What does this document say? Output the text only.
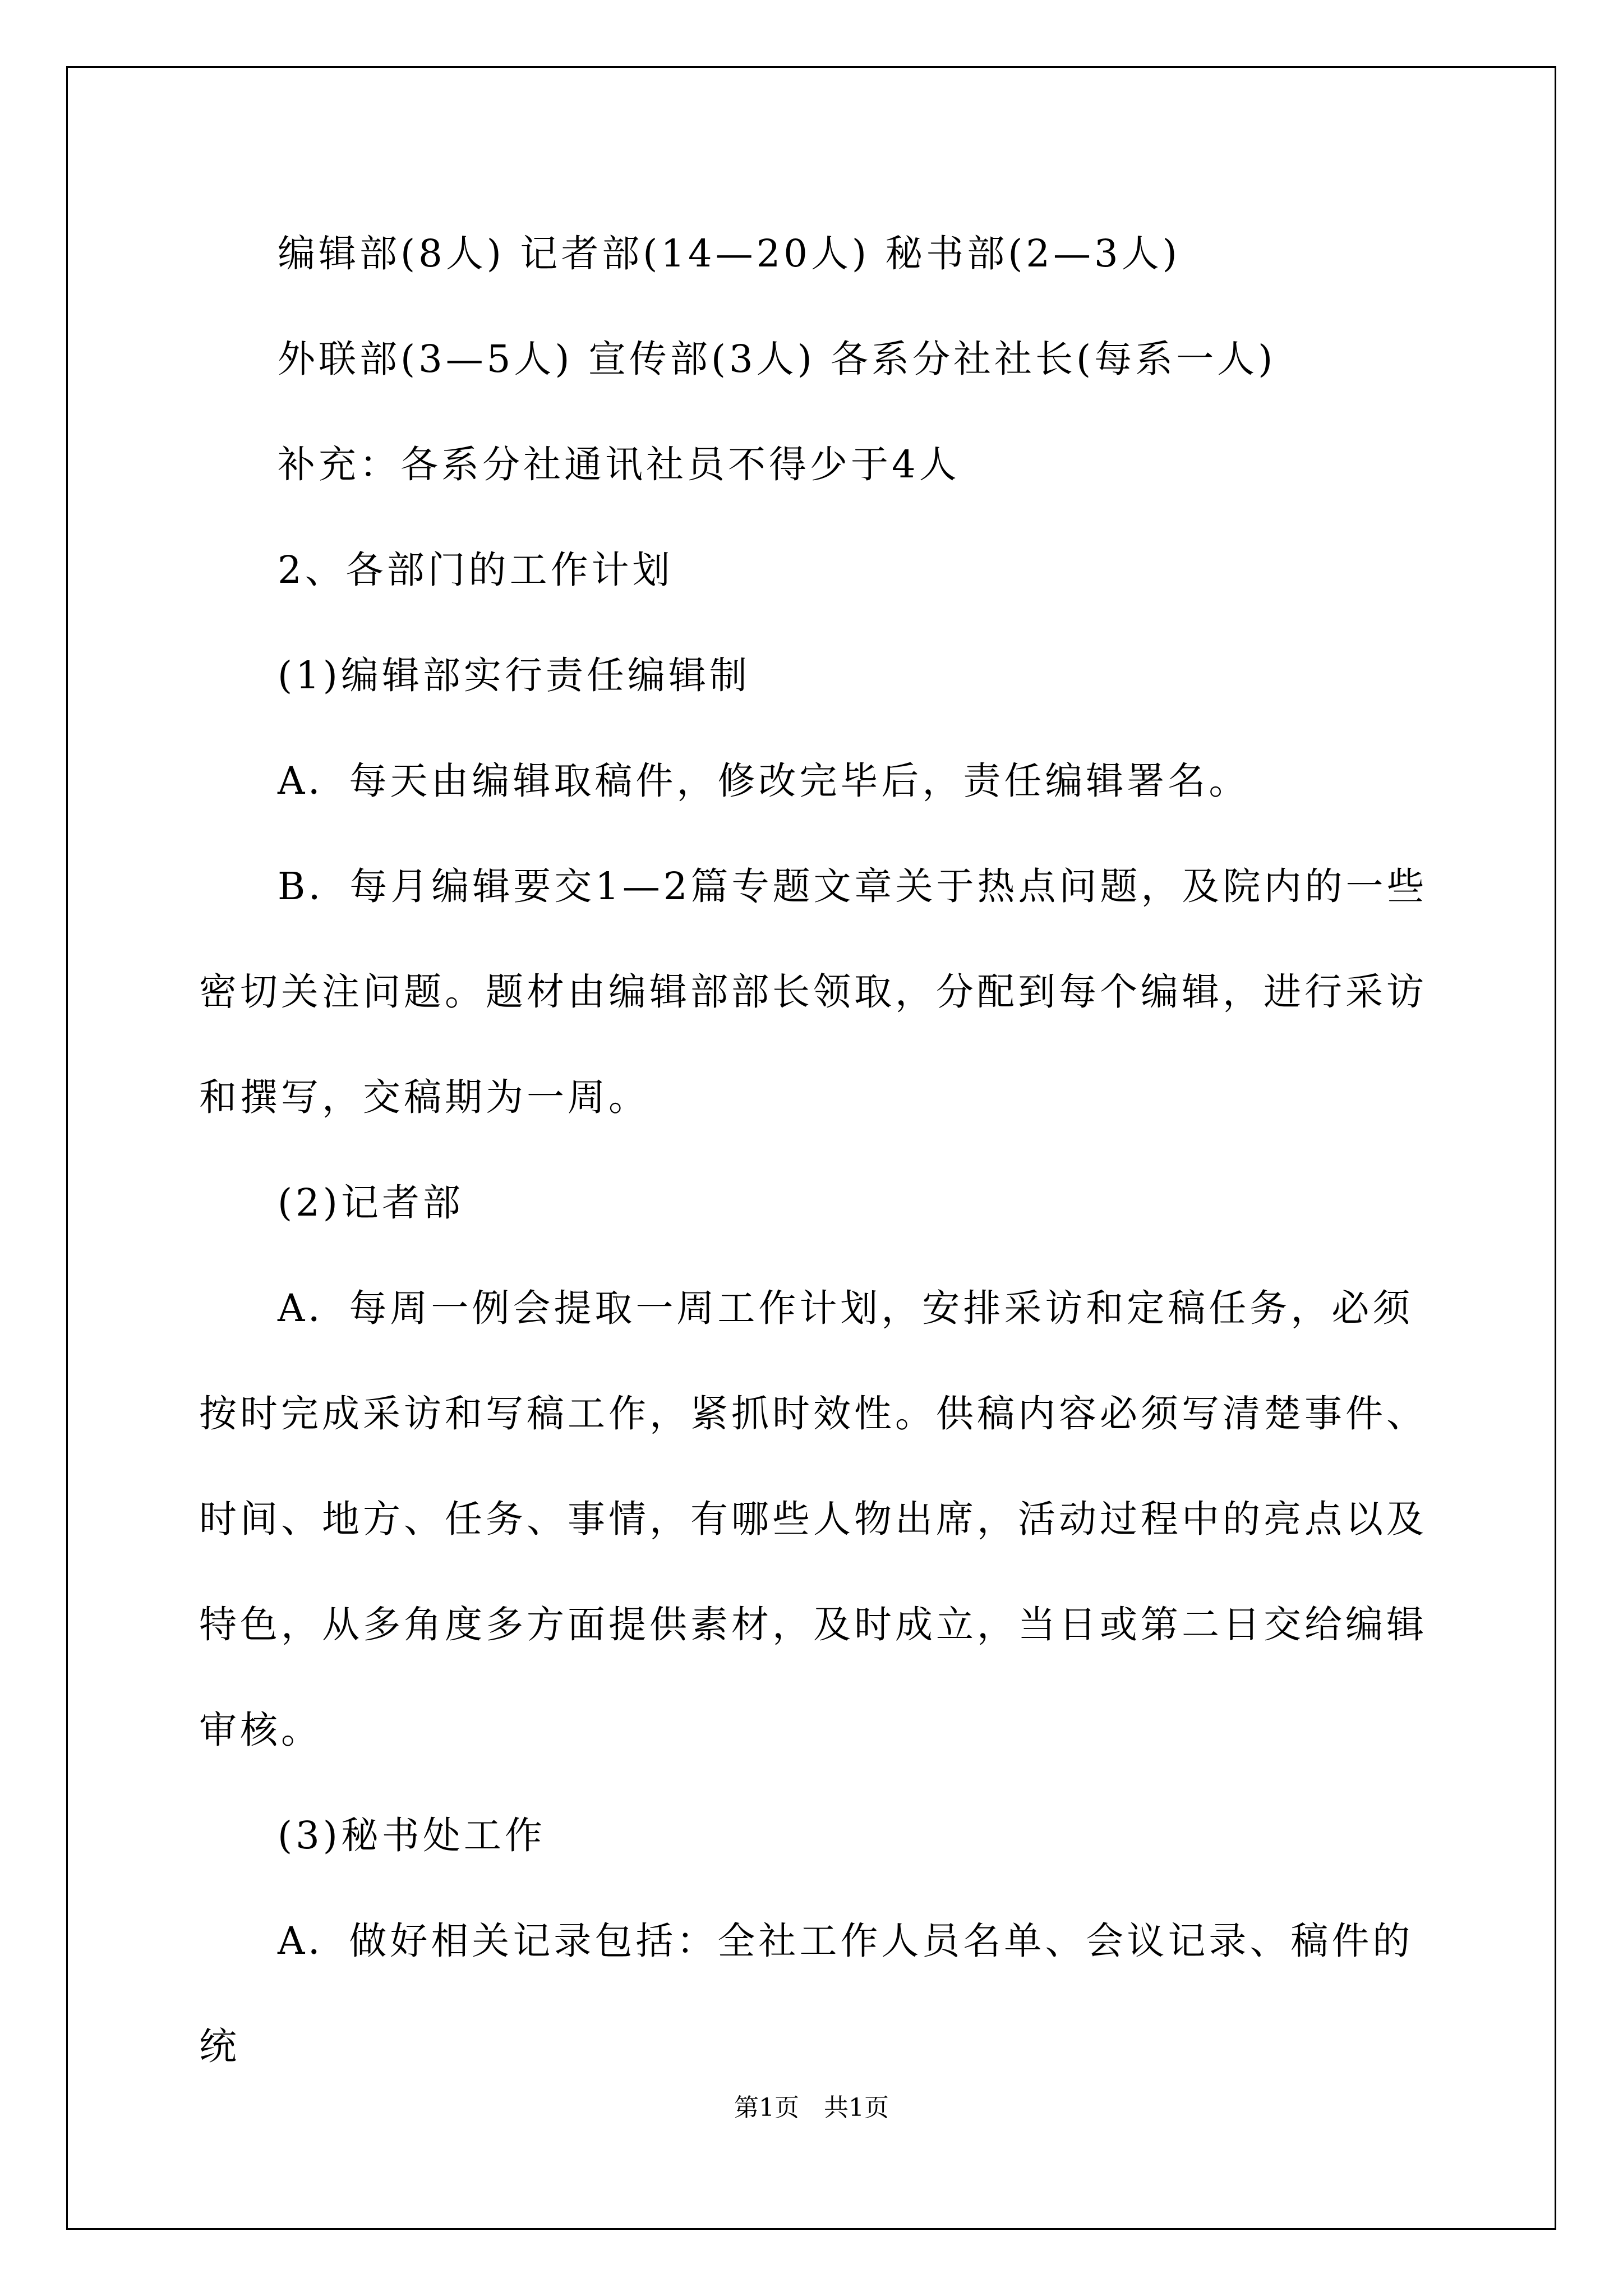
编辑部(8人) 记者部(14—20人) 秘书部(2—3人)

外联部(3—5人) 宣传部(3人) 各系分社社长(每系一人)

补充：各系分社通讯社员不得少于4人

2、各部门的工作计划

(1)编辑部实行责任编辑制

A．每天由编辑取稿件，修改完毕后，责任编辑署名。

B．每月编辑要交1—2篇专题文章关于热点问题，及院内的一些密切关注问题。题材由编辑部部长领取，分配到每个编辑，进行采访和撰写，交稿期为一周。

(2)记者部

A．每周一例会提取一周工作计划，安排采访和定稿任务，必须按时完成采访和写稿工作，紧抓时效性。供稿内容必须写清楚事件、时间、地方、任务、事情，有哪些人物出席，活动过程中的亮点以及特色，从多角度多方面提供素材，及时成立，当日或第二日交给编辑审核。

(3)秘书处工作

A．做好相关记录包括：全社工作人员名单、会议记录、稿件的统

第1页　共1页
